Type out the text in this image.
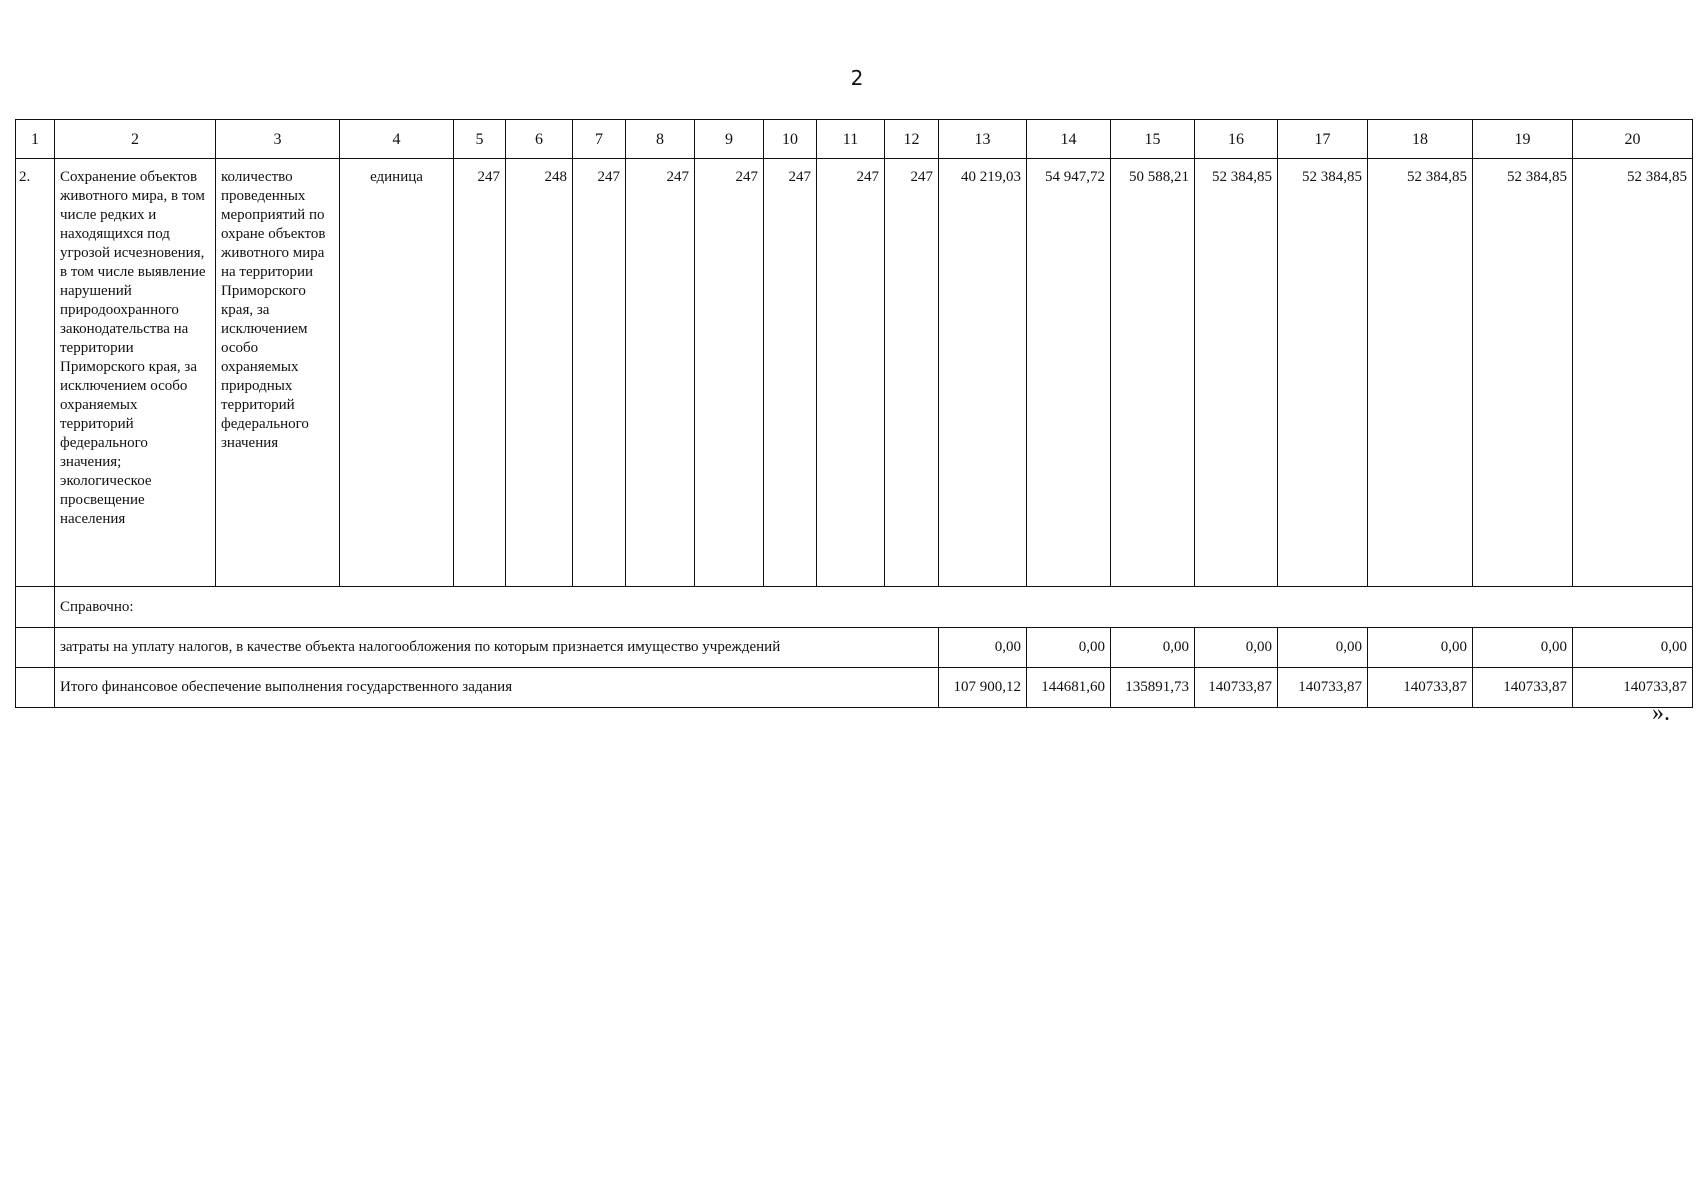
2
1	2	3	4	5	6	7	8	9	10	11	12	13	14	15	16	17	18	19	20
2.	Сохранение объектов животного мира, в том числе редких и находящихся под угрозой исчезновения, в том числе выявление нарушений природоохранного законодательства на территории Приморского края, за исключением особо охраняемых территорий федерального значения; экологическое просвещение населения	количество проведенных мероприятий по охране объектов животного мира на территории Приморского края, за исключением особо охраняемых природных территорий федерального значения	единица	247	248	247	247	247	247	247	247	40 219,03	54 947,72	50 588,21	52 384,85	52 384,85	52 384,85	52 384,85	52 384,85
	Справочно:																		
	затраты на уплату налогов, в качестве объекта налогообложения по которым признается имущество учреждений											0,00	0,00	0,00	0,00	0,00	0,00	0,00	0,00
	Итого финансовое обеспечение выполнения государственного задания											107 900,12	144681,60	135891,73	140733,87	140733,87	140733,87	140733,87	140733,87
».
